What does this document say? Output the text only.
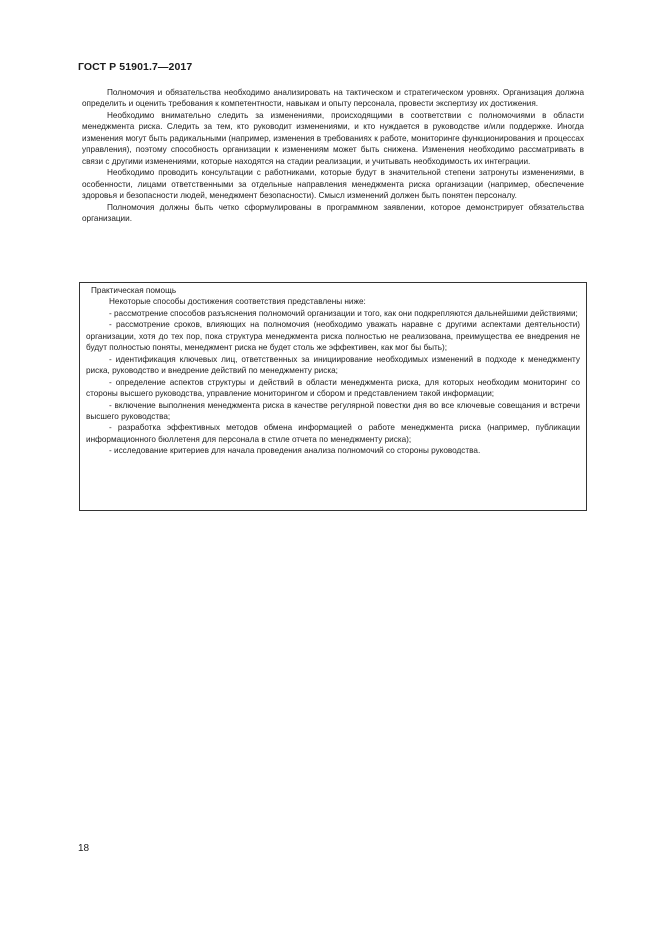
ГОСТ Р 51901.7—2017

Полномочия и обязательства необходимо анализировать на тактическом и стратегическом уровнях. Организация должна определить и оценить требования к компетентности, навыкам и опыту персонала, провести экспертизу их достижения.

Необходимо внимательно следить за изменениями, происходящими в соответствии с полномочиями в области менеджмента риска. Следить за тем, кто руководит изменениями, и кто нуждается в руководстве и/или поддержке. Иногда изменения могут быть радикальными (например, изменения в требованиях к работе, мониторинге функционирования и процессах управления), поэтому способность организации к изменениям может быть снижена. Изменения необходимо рассматривать в связи с другими изменениями, которые находятся на стадии реализации, и учитывать необходимость их интеграции.

Необходимо проводить консультации с работниками, которые будут в значительной степени затронуты изменениями, в особенности, лицами ответственными за отдельные направления менеджмента риска организации (например, обеспечение здоровья и безопасности людей, менеджмент безопасности). Смысл изменений должен быть понятен персоналу.

Полномочия должны быть четко сформулированы в программном заявлении, которое демонстрирует обязательства организации.

Практическая помощь

Некоторые способы достижения соответствия представлены ниже:

- рассмотрение способов разъяснения полномочий организации и того, как они подкрепляются дальнейшими действиями;

- рассмотрение сроков, влияющих на полномочия (необходимо уважать наравне с другими аспектами деятельности) организации, хотя до тех пор, пока структура менеджмента риска полностью не реализована, преимущества ее внедрения не будут полностью поняты, менеджмент риска не будет столь же эффективен, как мог бы быть);

- идентификация ключевых лиц, ответственных за инициирование необходимых изменений в подходе к менеджменту риска, руководство и внедрение действий по менеджменту риска;

- определение аспектов структуры и действий в области менеджмента риска, для которых необходим мониторинг со стороны высшего руководства, управление мониторингом и сбором и представлением такой информации;

- включение выполнения менеджмента риска в качестве регулярной повестки дня во все ключевые совещания и встречи высшего руководства;

- разработка эффективных методов обмена информацией о работе менеджмента риска (например, публикации информационного бюллетеня для персонала в стиле отчета по менеджменту риска);

- исследование критериев для начала проведения анализа полномочий со стороны руководства.

18
